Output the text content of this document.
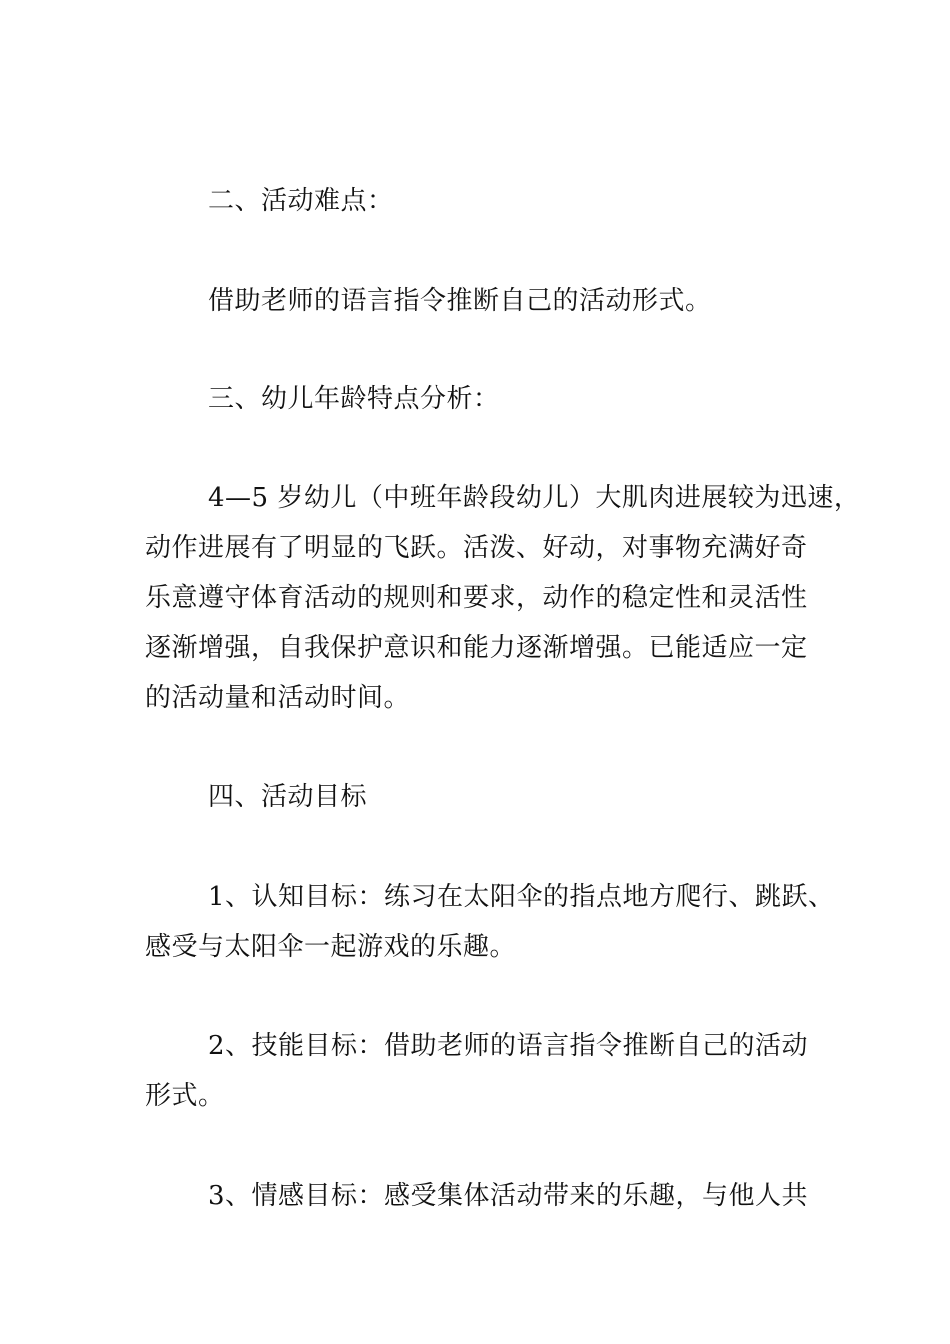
二、活动难点：
借助老师的语言指令推断自己的活动形式。
三、幼儿年龄特点分析：
4—5 岁幼儿（中班年龄段幼儿）大肌肉进展较为迅速，
动作进展有了明显的飞跃。活泼、好动，对事物充满好奇
乐意遵守体育活动的规则和要求，动作的稳定性和灵活性
逐渐增强，自我保护意识和能力逐渐增强。已能适应一定
的活动量和活动时间。
四、活动目标
1、认知目标：练习在太阳伞的指点地方爬行、跳跃、
感受与太阳伞一起游戏的乐趣。
2、技能目标：借助老师的语言指令推断自己的活动
形式。
3、情感目标：感受集体活动带来的乐趣，与他人共
